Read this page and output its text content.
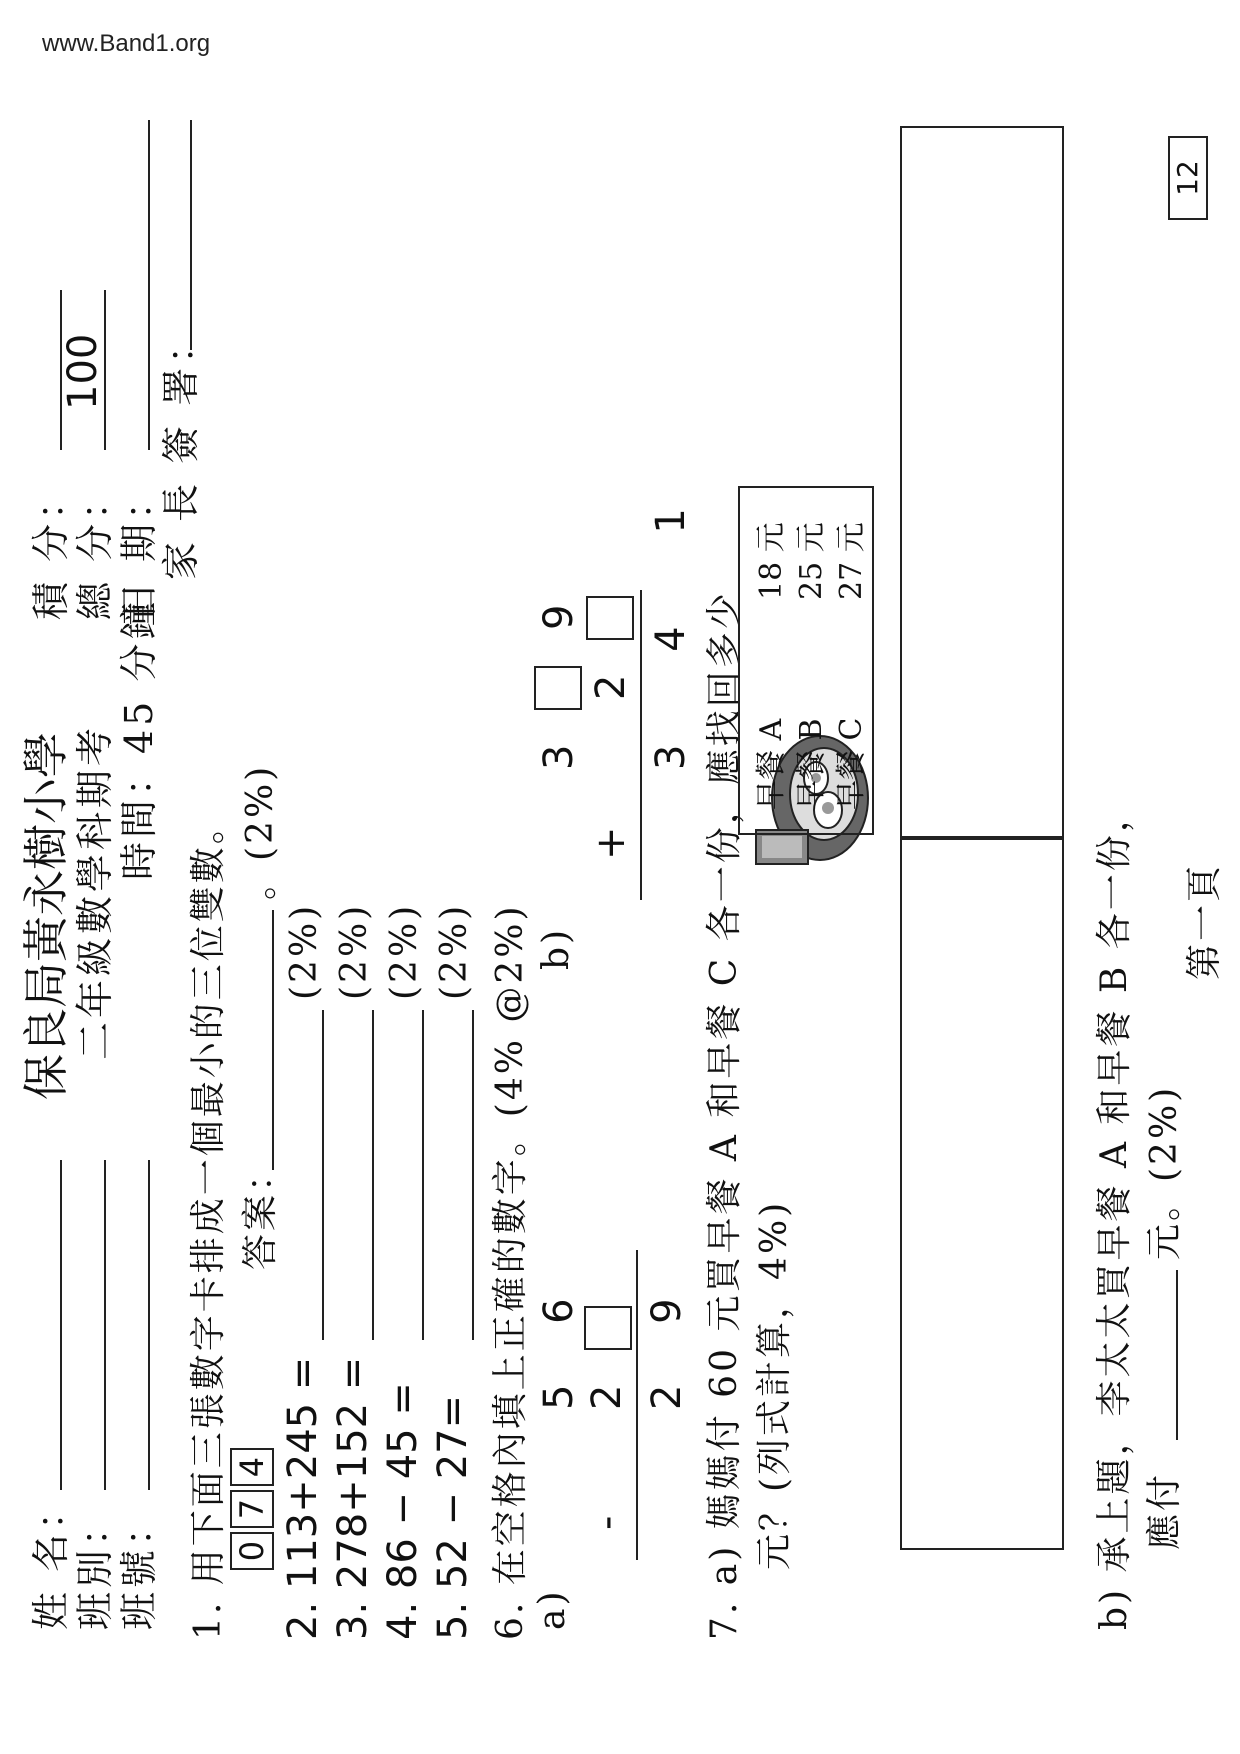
www.Band1.org
姓 名： 班別： 班號：
保良局黃永樹小學 二年級數學科期考 時間：45 分鐘
積 分： 總 分：
100
日 期：
家 長 簽 署：
1. 用下面三張數字卡排成一個最小的三位雙數。 0
7
4
答案：
。(2%)
2. 113+245 =
(2%)
3. 278+152 =
(2%)
4. 86 − 45 =
(2%)
5. 52 − 27=
(2%) 6. 在空格內填上正確的數字。(4% @2%) a)
5 6
-
2 2 9
b)
3
9
+
2 3 4 1 7. a) 媽媽付 60 元買早餐 A 和早餐 C 各一份，應找回多少 元？(列式計算，4%)
早餐 A
18 元
早餐 B
25 元
早餐 C
27 元
b) 承上題，李太太買早餐 A 和早餐 B 各一份， 應付
元。(2%)
第一頁
12
